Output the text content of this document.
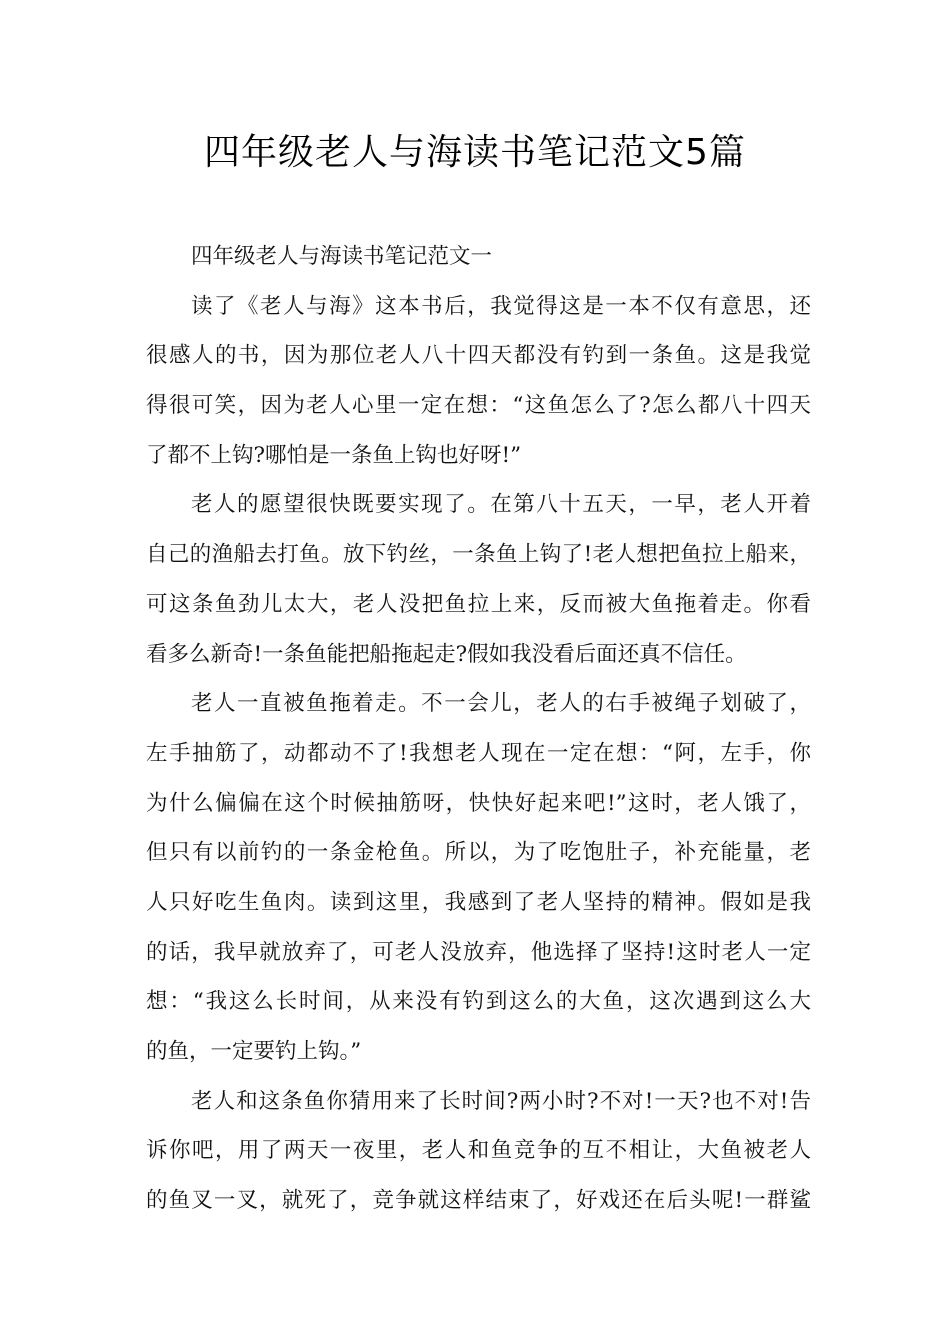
四年级老人与海读书笔记范文5篇
四年级老人与海读书笔记范文一
读了《老人与海》这本书后，我觉得这是一本不仅有意思，还
很感人的书，因为那位老人八十四天都没有钓到一条鱼。这是我觉
得很可笑，因为老人心里一定在想：“这鱼怎么了?怎么都八十四天
了都不上钩?哪怕是一条鱼上钩也好呀!”
老人的愿望很快既要实现了。在第八十五天，一早，老人开着
自己的渔船去打鱼。放下钓丝，一条鱼上钩了!老人想把鱼拉上船来，
可这条鱼劲儿太大，老人没把鱼拉上来，反而被大鱼拖着走。你看
看多么新奇!一条鱼能把船拖起走?假如我没看后面还真不信任。
老人一直被鱼拖着走。不一会儿，老人的右手被绳子划破了，
左手抽筋了，动都动不了!我想老人现在一定在想：“阿，左手，你
为什么偏偏在这个时候抽筋呀，快快好起来吧!”这时，老人饿了，
但只有以前钓的一条金枪鱼。所以，为了吃饱肚子，补充能量，老
人只好吃生鱼肉。读到这里，我感到了老人坚持的精神。假如是我
的话，我早就放弃了，可老人没放弃，他选择了坚持!这时老人一定
想：“我这么长时间，从来没有钓到这么的大鱼，这次遇到这么大
的鱼，一定要钓上钩。”
老人和这条鱼你猜用来了长时间?两小时?不对!一天?也不对!告
诉你吧，用了两天一夜里，老人和鱼竞争的互不相让，大鱼被老人
的鱼叉一叉，就死了，竞争就这样结束了，好戏还在后头呢!一群鲨
